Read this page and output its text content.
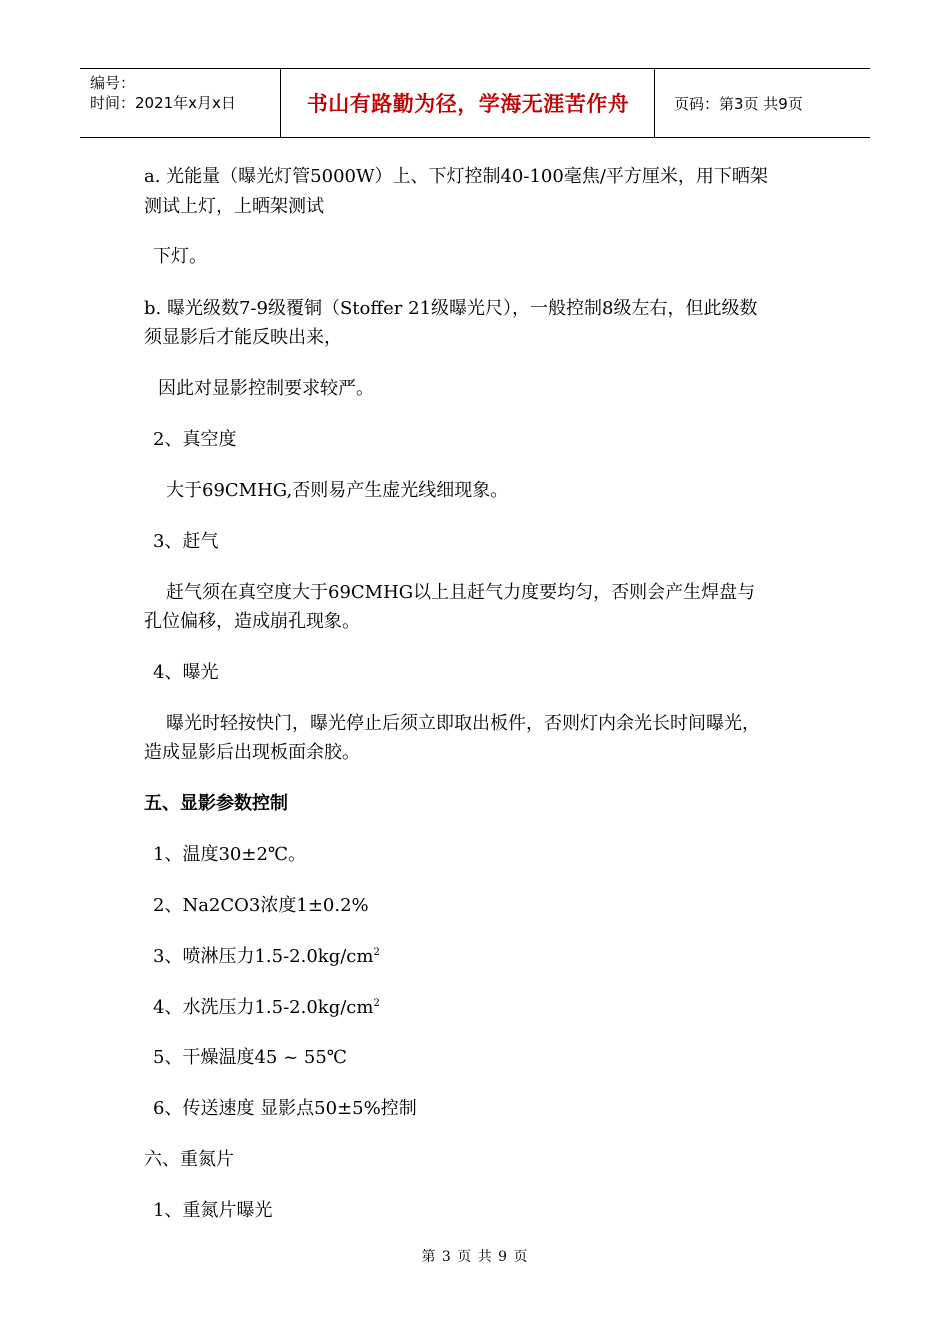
编号：
时间：2021年x月x日	书山有路勤为径，学海无涯苦作舟	页码：第3页 共9页
a. 光能量（曝光灯管5000W）上、下灯控制40-100毫焦/平方厘米，用下晒架
测试上灯，上晒架测试
下灯。
b. 曝光级数7-9级覆铜（Stoffer 21级曝光尺），一般控制8级左右，但此级数
须显影后才能反映出来，
因此对显影控制要求较严。
2、真空度
大于69CMHG,否则易产生虚光线细现象。
3、赶气
赶气须在真空度大于69CMHG以上且赶气力度要均匀，否则会产生焊盘与
孔位偏移，造成崩孔现象。
4、曝光
曝光时轻按快门，曝光停止后须立即取出板件，否则灯内余光长时间曝光，
造成显影后出现板面余胶。
五、显影参数控制
1、温度30±2℃。
2、Na2CO3浓度1±0.2%
3、喷淋压力$1.5-2.0kg/cm^2$
4、水洗压力$1.5-2.0kg/cm^2$
5、干燥温度45 ~ 55℃
6、传送速度 显影点50±5%控制
六、重氮片
1、重氮片曝光
第 3 页 共 9 页
